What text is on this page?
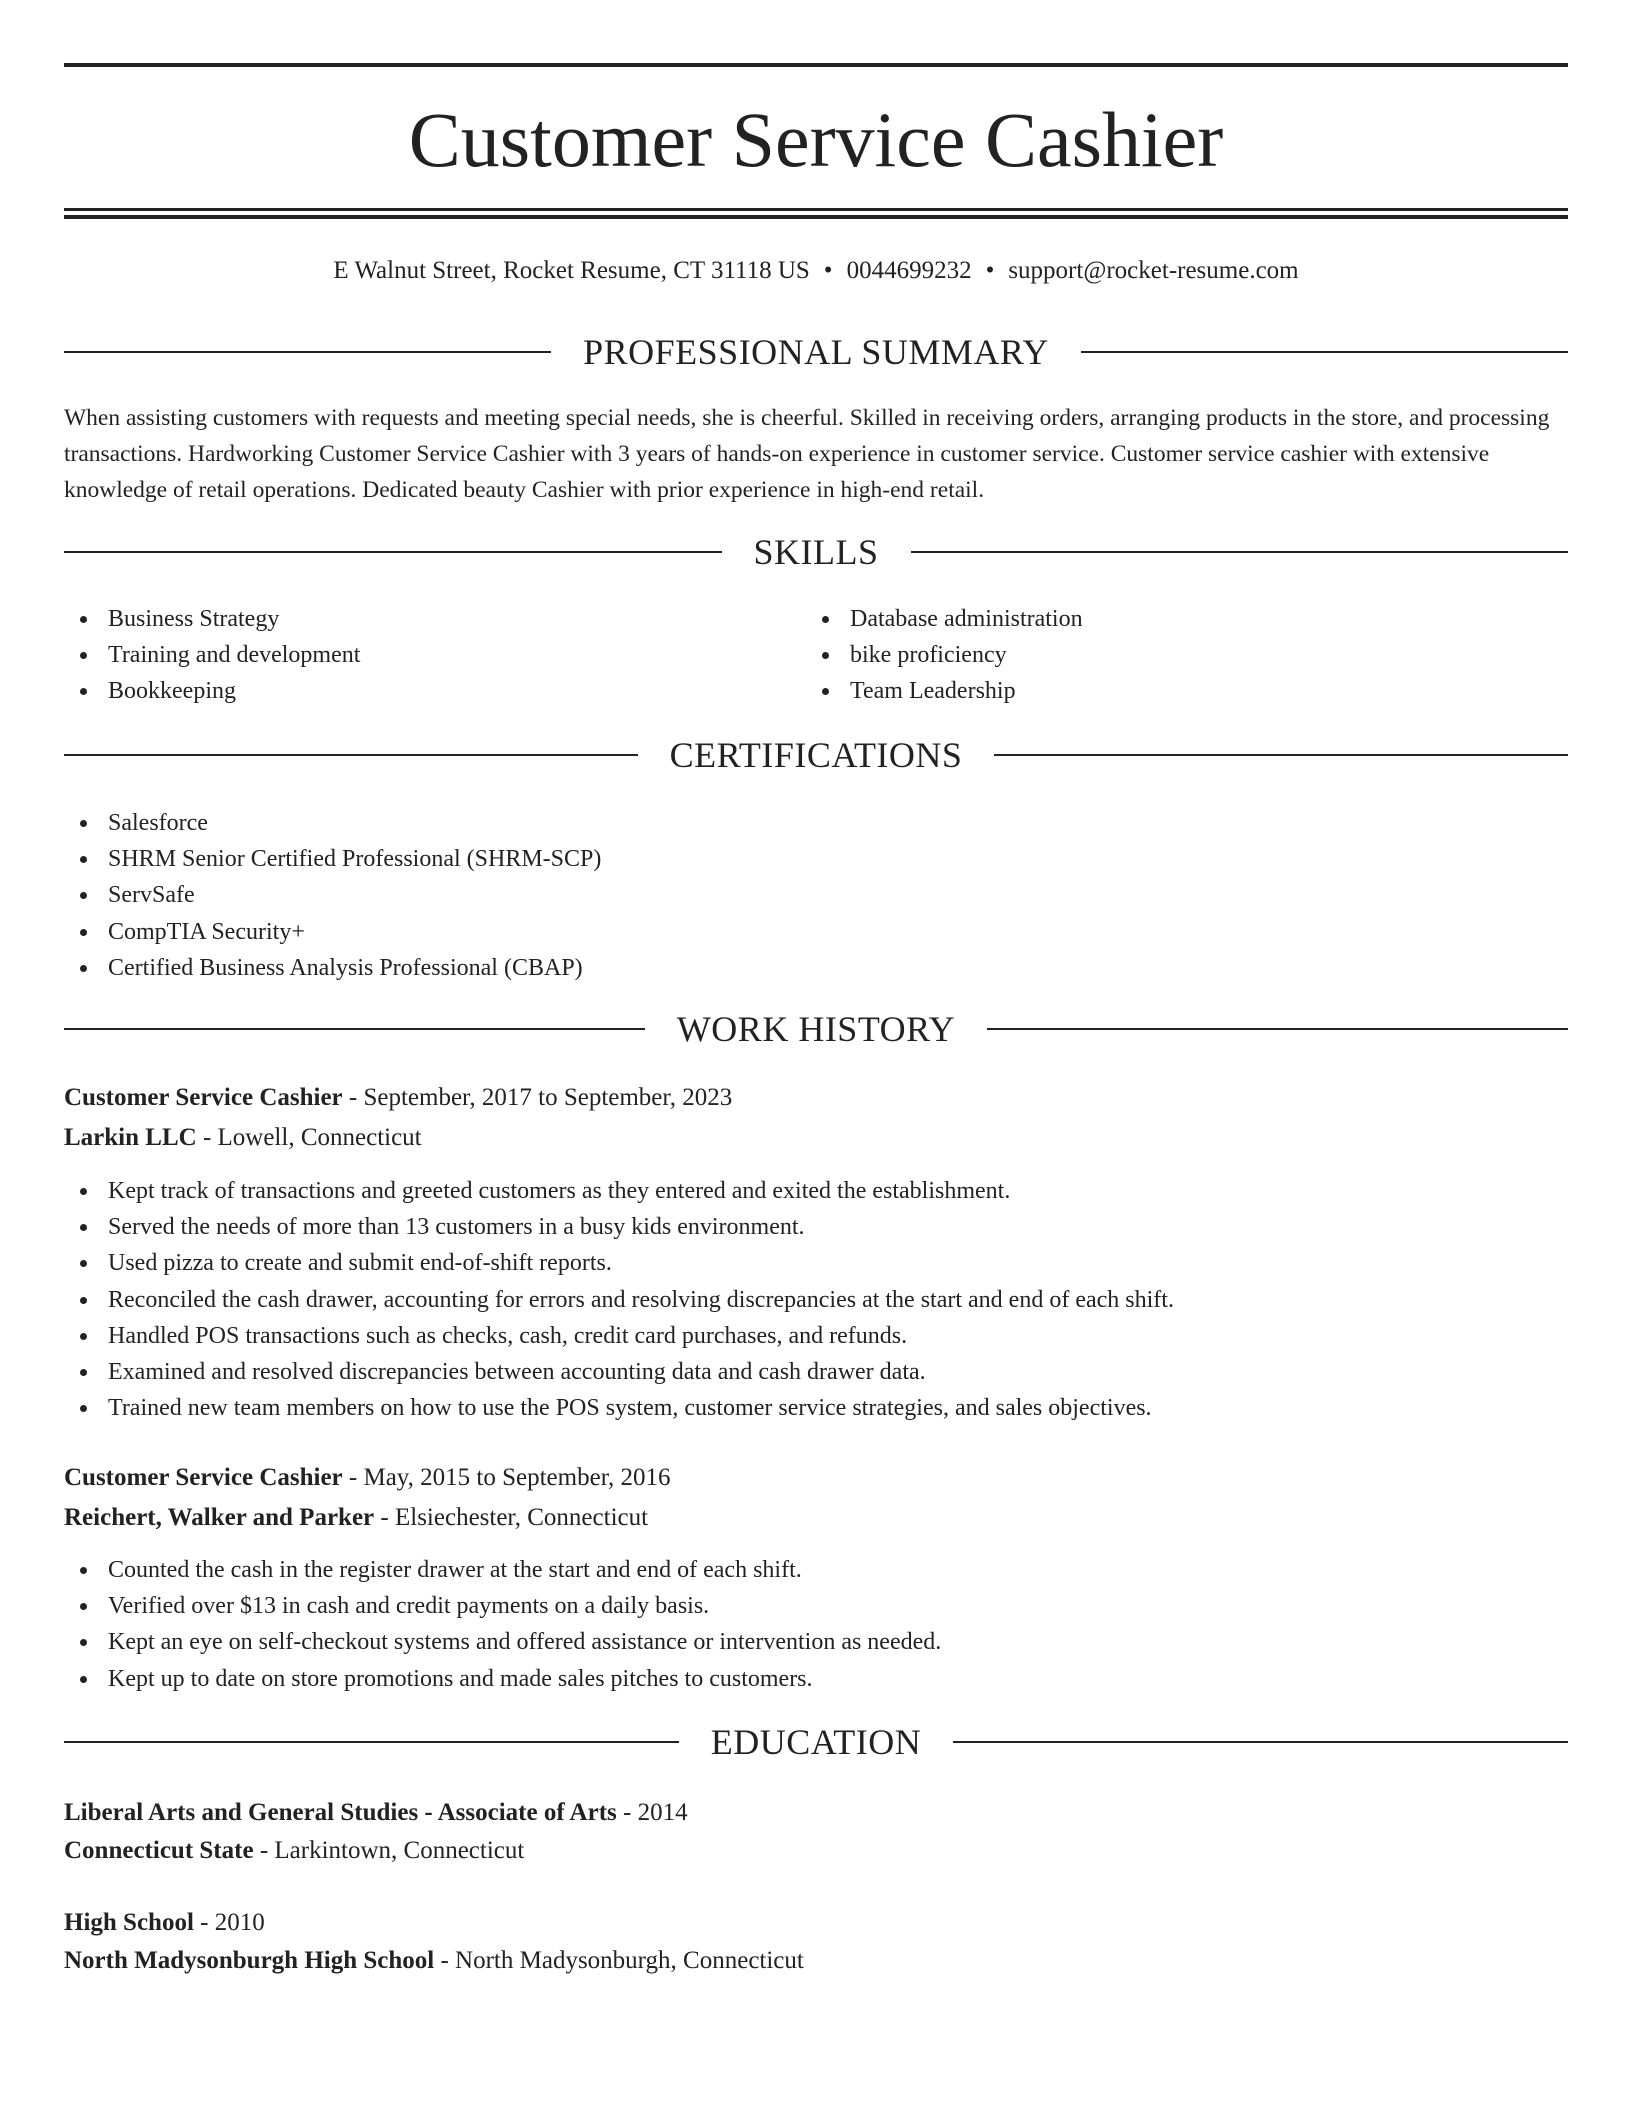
Customer Service Cashier
E Walnut Street, Rocket Resume, CT 31118 US • 0044699232 • support@rocket-resume.com
PROFESSIONAL SUMMARY

When assisting customers with requests and meeting special needs, she is cheerful. Skilled in receiving orders, arranging products in the store, and processing transactions. Hardworking Customer Service Cashier with 3 years of hands-on experience in customer service. Customer service cashier with extensive knowledge of retail operations. Dedicated beauty Cashier with prior experience in high-end retail.

SKILLS
Business Strategy
Training and development
Bookkeeping
Database administration
bike proficiency
Team Leadership
CERTIFICATIONS
Salesforce
SHRM Senior Certified Professional (SHRM-SCP)
ServSafe
CompTIA Security+
Certified Business Analysis Professional (CBAP)
WORK HISTORY
Customer Service Cashier - September, 2017 to September, 2023
Larkin LLC - Lowell, Connecticut
Kept track of transactions and greeted customers as they entered and exited the establishment.
Served the needs of more than 13 customers in a busy kids environment.
Used pizza to create and submit end-of-shift reports.
Reconciled the cash drawer, accounting for errors and resolving discrepancies at the start and end of each shift.
Handled POS transactions such as checks, cash, credit card purchases, and refunds.
Examined and resolved discrepancies between accounting data and cash drawer data.
Trained new team members on how to use the POS system, customer service strategies, and sales objectives.
Customer Service Cashier - May, 2015 to September, 2016
Reichert, Walker and Parker - Elsiechester, Connecticut
Counted the cash in the register drawer at the start and end of each shift.
Verified over $13 in cash and credit payments on a daily basis.
Kept an eye on self-checkout systems and offered assistance or intervention as needed.
Kept up to date on store promotions and made sales pitches to customers.
EDUCATION
Liberal Arts and General Studies - Associate of Arts - 2014
Connecticut State - Larkintown, Connecticut
High School - 2010
North Madysonburgh High School - North Madysonburgh, Connecticut
